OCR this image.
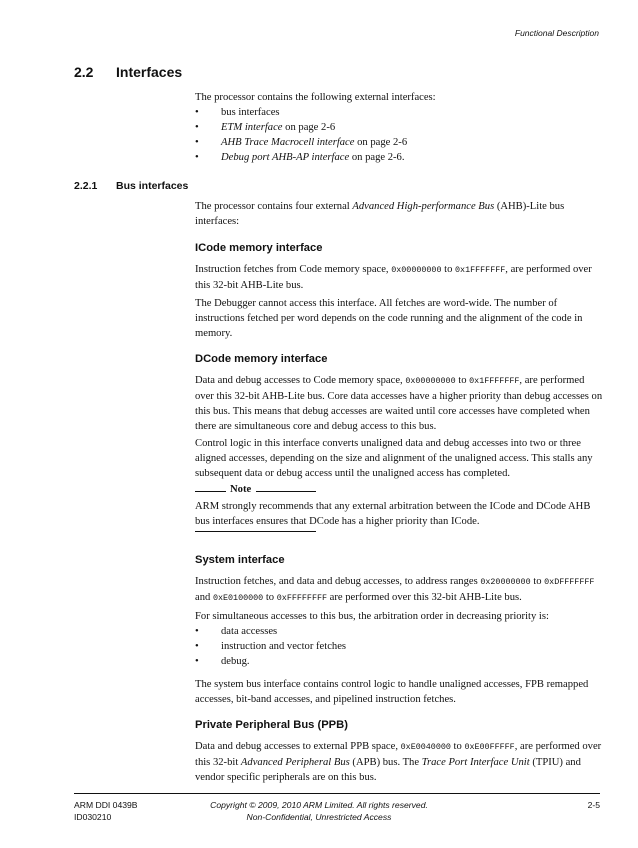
Functional Description
2.2 Interfaces

The processor contains the following external interfaces:

• bus interfaces
• ETM interface on page 2-6
• AHB Trace Macrocell interface on page 2-6
• Debug port AHB-AP interface on page 2-6.
2.2.1 Bus interfaces

The processor contains four external Advanced High-performance Bus (AHB)-Lite bus interfaces:

ICode memory interface

Instruction fetches from Code memory space, 0x00000000 to 0x1FFFFFFF, are performed over this 32-bit AHB-Lite bus.

The Debugger cannot access this interface. All fetches are word-wide. The number of instructions fetched per word depends on the code running and the alignment of the code in memory.

DCode memory interface

Data and debug accesses to Code memory space, 0x00000000 to 0x1FFFFFFF, are performed over this 32-bit AHB-Lite bus. Core data accesses have a higher priority than debug accesses on this bus. This means that debug accesses are waited until core accesses have completed when there are simultaneous core and debug access to this bus.

Control logic in this interface converts unaligned data and debug accesses into two or three aligned accesses, depending on the size and alignment of the unaligned access. This stalls any subsequent data or debug access until the unaligned access has completed.

Note

ARM strongly recommends that any external arbitration between the ICode and DCode AHB bus interfaces ensures that DCode has a higher priority than ICode.

System interface

Instruction fetches, and data and debug accesses, to address ranges 0x20000000 to 0xDFFFFFFF and 0xE0100000 to 0xFFFFFFFF are performed over this 32-bit AHB-Lite bus.

For simultaneous accesses to this bus, the arbitration order in decreasing priority is:

• data accesses
• instruction and vector fetches
• debug.

The system bus interface contains control logic to handle unaligned accesses, FPB remapped accesses, bit-band accesses, and pipelined instruction fetches.

Private Peripheral Bus (PPB)

Data and debug accesses to external PPB space, 0xE0040000 to 0xE00FFFFF, are performed over this 32-bit Advanced Peripheral Bus (APB) bus. The Trace Port Interface Unit (TPIU) and vendor specific peripherals are on this bus.

ARM DDI 0439B
ID030210
Copyright © 2009, 2010 ARM Limited. All rights reserved.
Non-Confidential, Unrestricted Access
2-5
